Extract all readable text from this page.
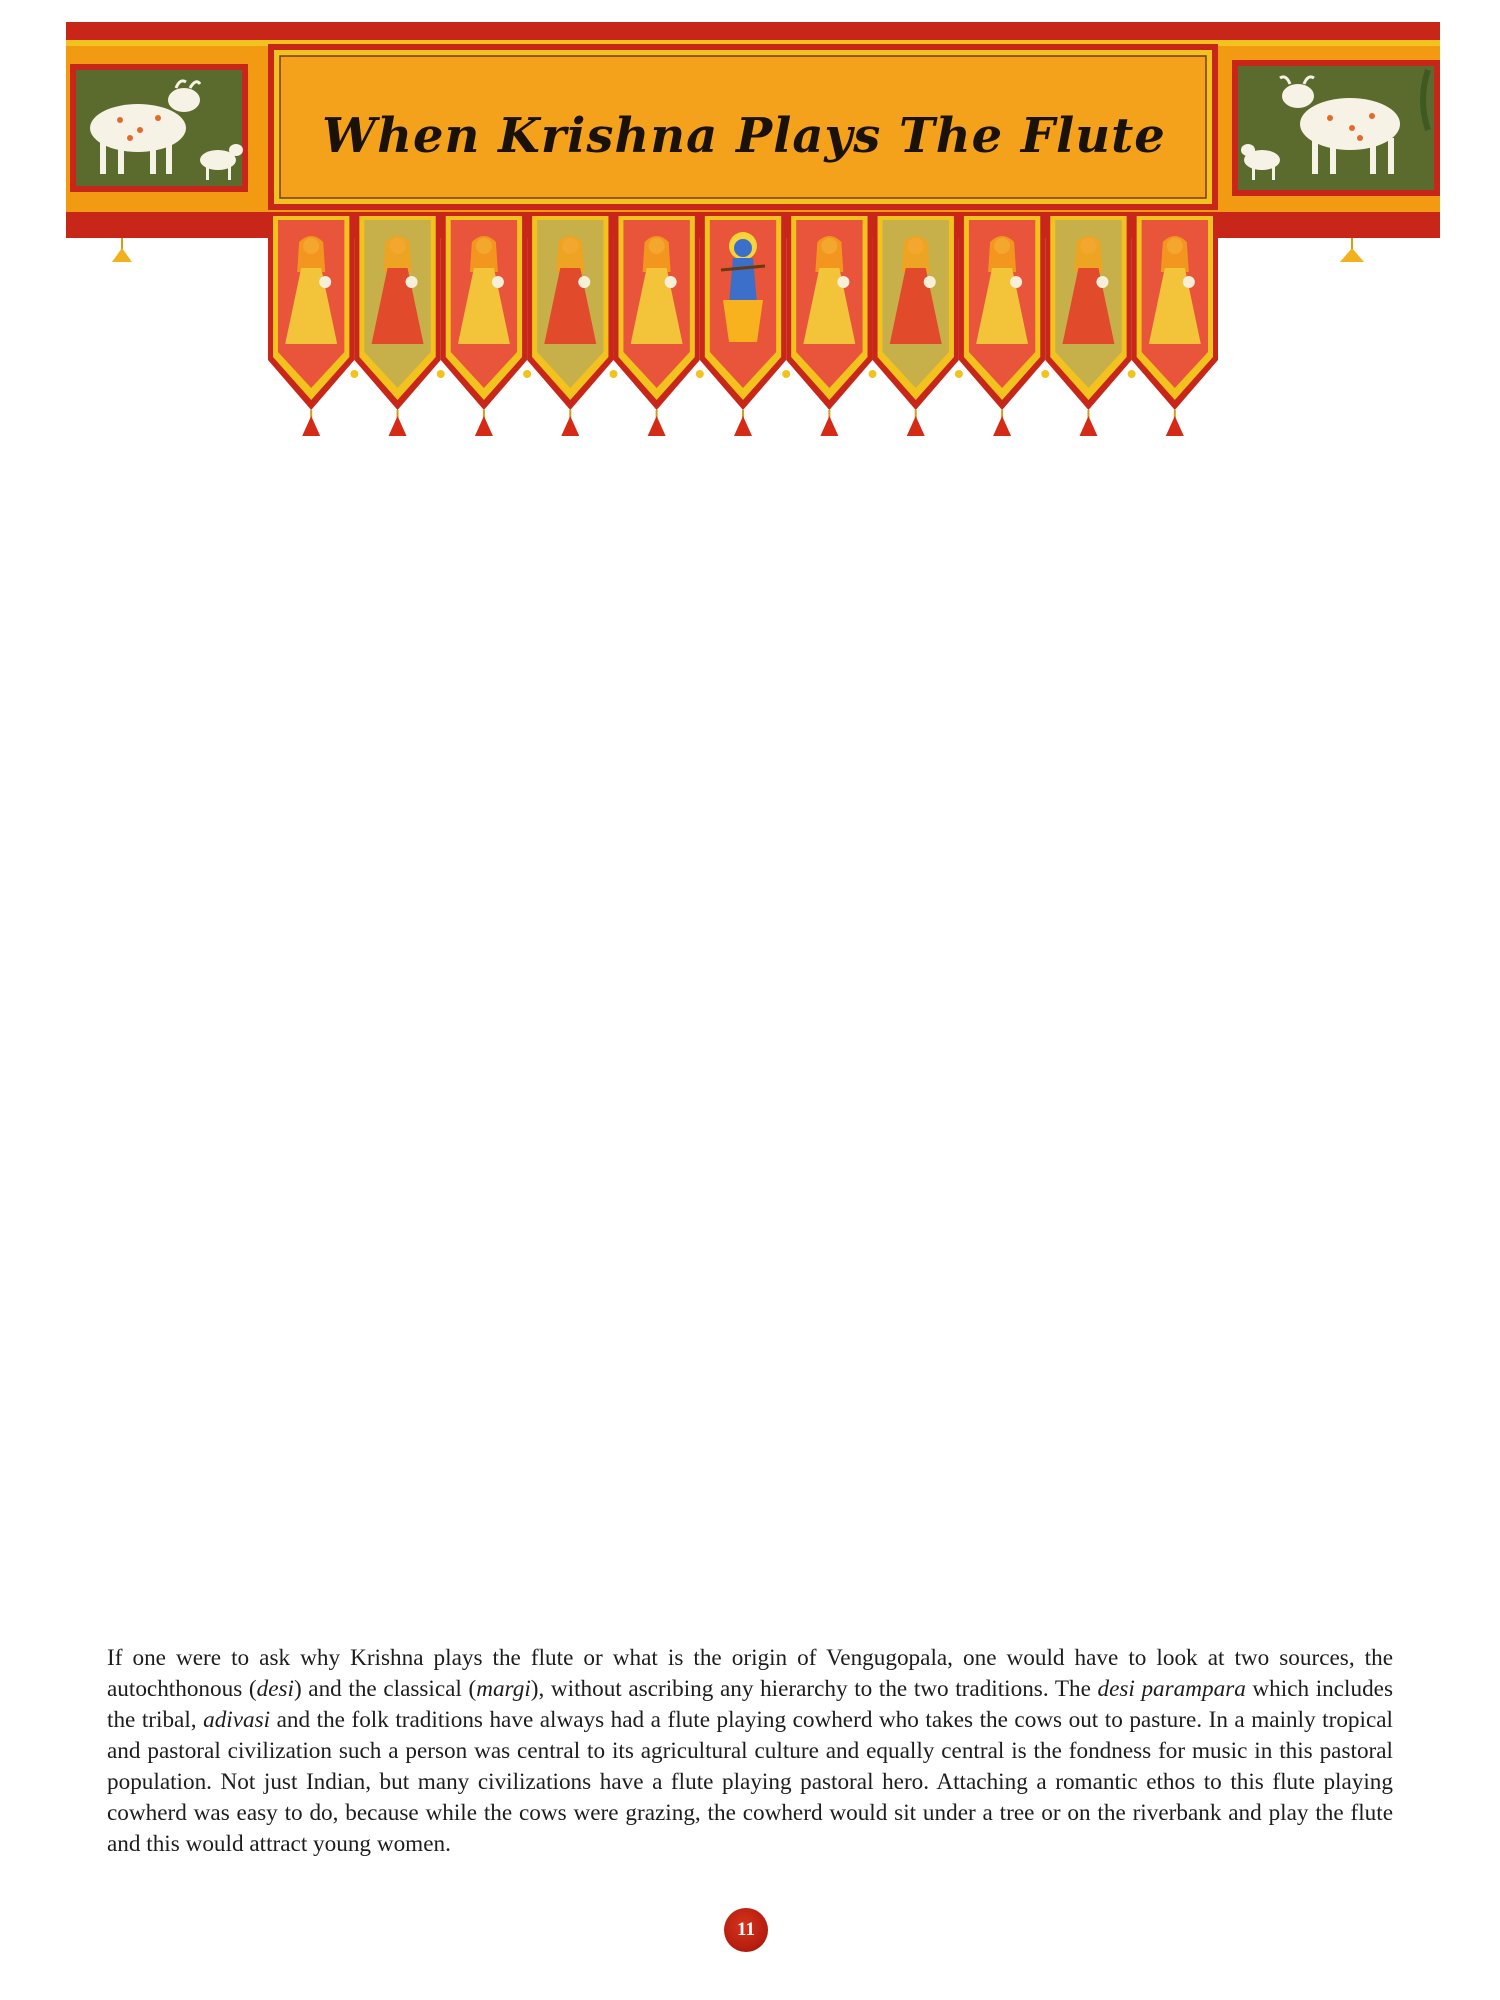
When Krishna Plays The Flute

If one were to ask why Krishna plays the flute or what is the origin of Vengugopala, one would have to look at two sources, the autochthonous (desi) and the classical (margi), without ascribing any hierarchy to the two traditions. The desi parampara which includes the tribal, adivasi and the folk traditions have always had a flute playing cowherd who takes the cows out to pasture. In a mainly tropical and pastoral civilization such a person was central to its agricultural culture and equally central is the fondness for music in this pastoral population. Not just Indian, but many civilizations have a flute playing pastoral hero. Attaching a romantic ethos to this flute playing cowherd was easy to do, because while the cows were grazing, the cowherd would sit under a tree or on the riverbank and play the flute and this would attract young women.

11
